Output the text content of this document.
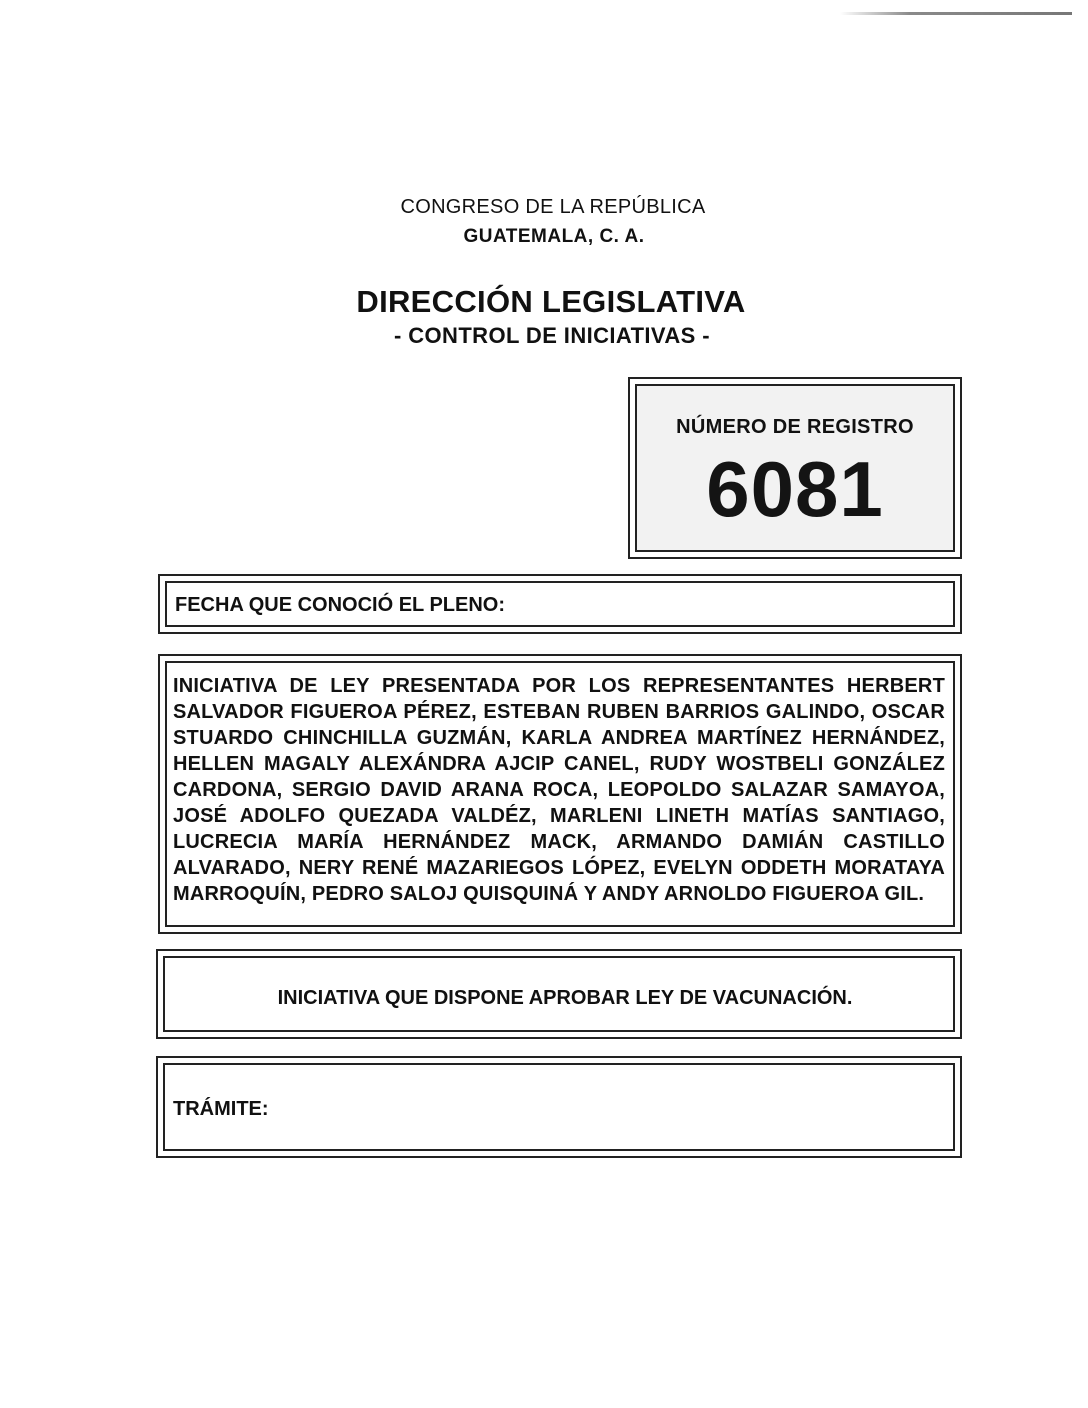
CONGRESO DE LA REPÚBLICA
GUATEMALA, C. A.
DIRECCIÓN LEGISLATIVA
- CONTROL DE INICIATIVAS -
NÚMERO DE REGISTRO
6081
FECHA QUE CONOCIÓ EL PLENO:
INICIATIVA DE LEY PRESENTADA POR LOS REPRESENTANTES HERBERT SALVADOR FIGUEROA PÉREZ, ESTEBAN RUBEN BARRIOS GALINDO, OSCAR STUARDO CHINCHILLA GUZMÁN, KARLA ANDREA MARTÍNEZ HERNÁNDEZ, HELLEN MAGALY ALEXÁNDRA AJCIP CANEL, RUDY WOSTBELI GONZÁLEZ CARDONA, SERGIO DAVID ARANA ROCA, LEOPOLDO SALAZAR SAMAYOA, JOSÉ ADOLFO QUEZADA VALDÉZ, MARLENI LINETH MATÍAS SANTIAGO, LUCRECIA MARÍA HERNÁNDEZ MACK, ARMANDO DAMIÁN CASTILLO ALVARADO, NERY RENÉ MAZARIEGOS LÓPEZ, EVELYN ODDETH MORATAYA MARROQUÍN, PEDRO SALOJ QUISQUINÁ Y ANDY ARNOLDO FIGUEROA GIL.
INICIATIVA QUE DISPONE APROBAR LEY DE VACUNACIÓN.
TRÁMITE:
